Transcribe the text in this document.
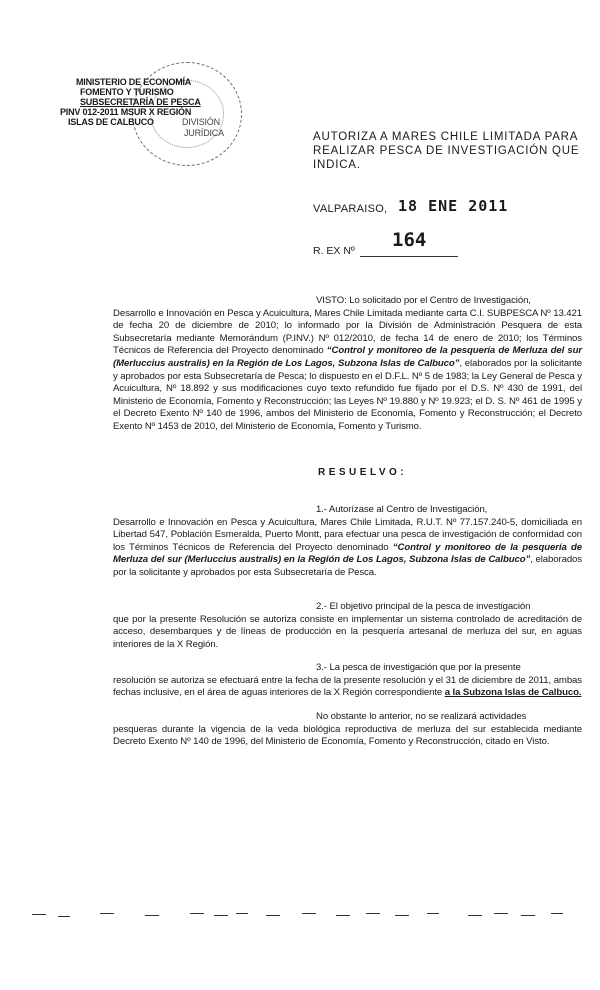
MINISTERIO DE ECONOMÍA
FOMENTO Y TURISMO
SUBSECRETARÍA DE PESCA
PINV 012-2011 MSUR X REGIÓN
ISLAS DE CALBUCO	DIVISIÓN
JURÍDICA	AUTORIZA A MARES CHILE LIMITADA PARA
REALIZAR PESCA DE INVESTIGACIÓN QUE
INDICA.
VALPARAISO, 18 ENE 2011
R. EX Nº 164
VISTO: Lo solicitado por el Centro de Investigación,
Desarrollo e Innovación en Pesca y Acuicultura, Mares Chile Limitada mediante carta C.I. SUBPESCA Nº 13.421 de fecha 20 de diciembre de 2010; lo informado por la División de Administración Pesquera de esta Subsecretaría mediante Memorándum (P.INV.) Nº 012/2010, de fecha 14 de enero de 2010; los Términos Técnicos de Referencia del Proyecto denominado “Control y monitoreo de la pesquería de Merluza del sur (Merluccius australis) en la Región de Los Lagos, Subzona Islas de Calbuco”, elaborados por la solicitante y aprobados por esta Subsecretaría de Pesca; lo dispuesto en el D.F.L. Nº 5 de 1983; la Ley General de Pesca y Acuicultura, Nº 18.892 y sus modificaciones cuyo texto refundido fue fijado por el D.S. Nº 430 de 1991, del Ministerio de Economía, Fomento y Reconstrucción; las Leyes Nº 19.880 y Nº 19.923; el D. S. Nº 461 de 1995 y el Decreto Exento Nº 140 de 1996, ambos del Ministerio de Economía, Fomento y Reconstrucción; el Decreto Exento Nº 1453 de 2010, del Ministerio de Economía, Fomento y Turismo.
RESUELVO:
1.- Autorízase al Centro de Investigación,
Desarrollo e Innovación en Pesca y Acuicultura, Mares Chile Limitada, R.U.T. Nº 77.157.240-5, domiciliada en Libertad 547, Población Esmeralda, Puerto Montt, para efectuar una pesca de investigación de conformidad con los Términos Técnicos de Referencia del Proyecto denominado “Control y monitoreo de la pesquería de Merluza del sur (Merluccius australis) en la Región de Los Lagos, Subzona Islas de Calbuco”, elaborados por la solicitante y aprobados por esta Subsecretaría de Pesca.
2.- El objetivo principal de la pesca de investigación
que por la presente Resolución se autoriza consiste en implementar un sistema controlado de acreditación de acceso, desembarques y de líneas de producción en la pesquería artesanal de merluza del sur, en aguas interiores de la X Región.
3.- La pesca de investigación que por la presente
resolución se autoriza se efectuará entre la fecha de la presente resolución y el 31 de diciembre de 2011, ambas fechas inclusive, en el área de aguas interiores de la X Región correspondiente a la Subzona Islas de Calbuco.
No obstante lo anterior, no se realizará actividades
pesqueras durante la vigencia de la veda biológica reproductiva de merluza del sur establecida mediante Decreto Exento Nº 140 de 1996, del Ministerio de Economía, Fomento y Reconstrucción, citado en Visto.
